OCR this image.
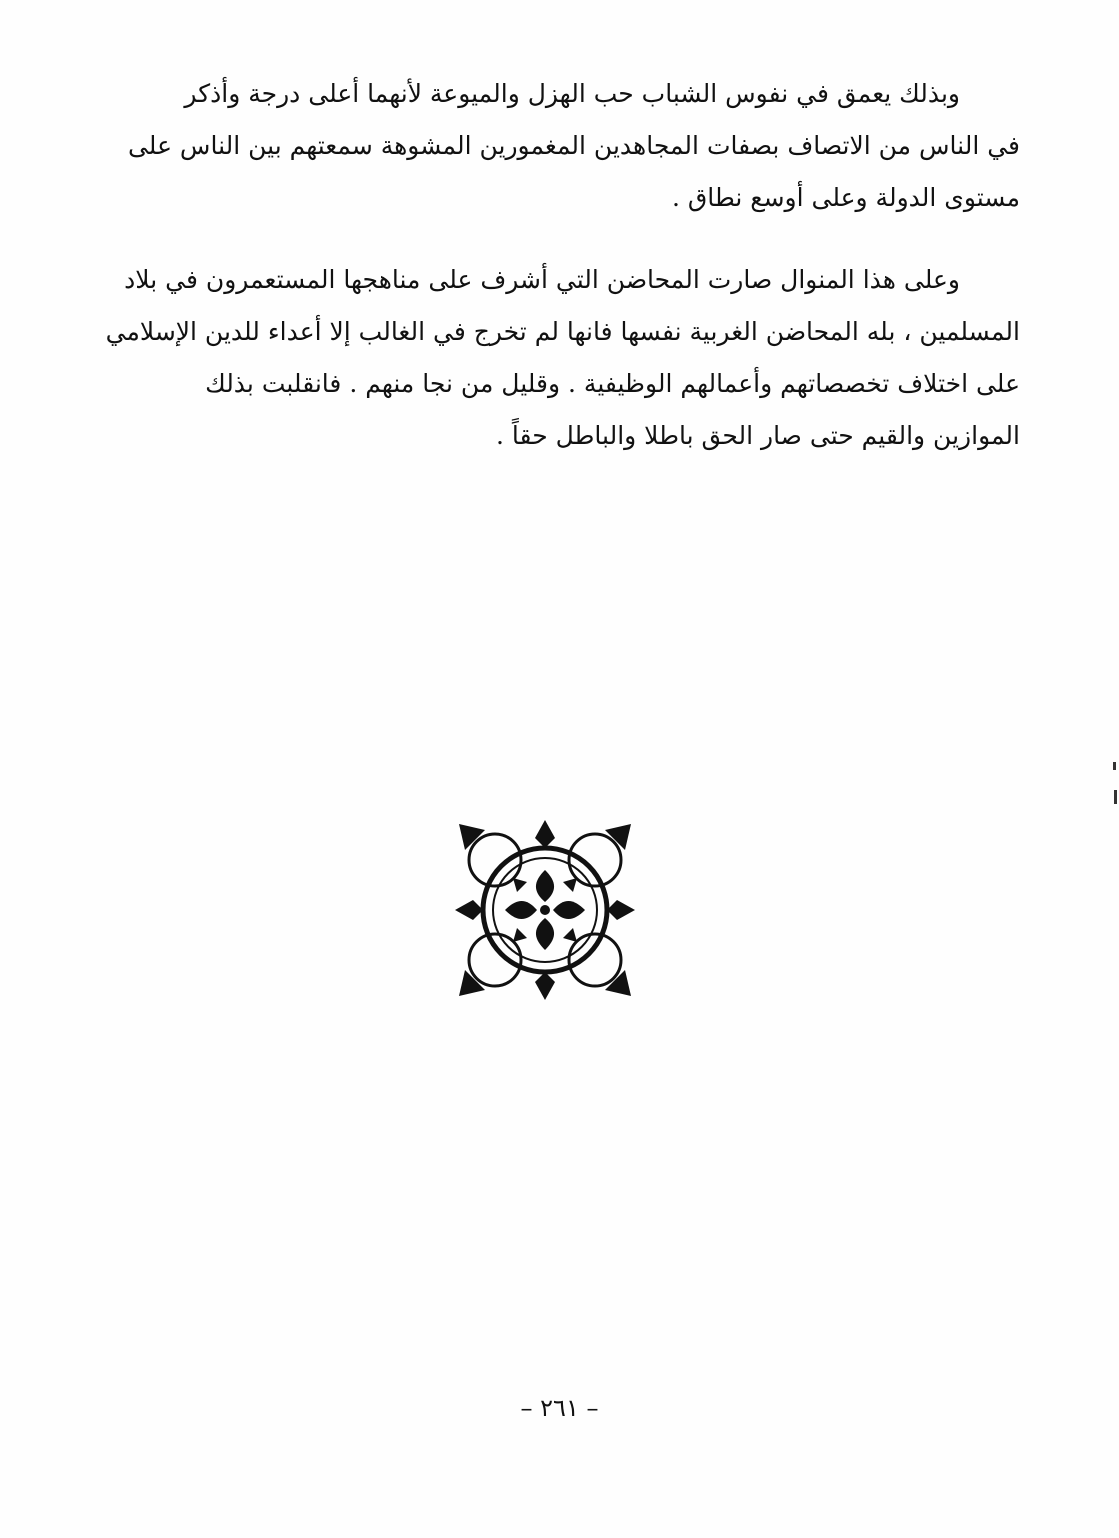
وبذلك يعمق في نفوس الشباب حب الهزل والميوعة لأنهما أعلى درجة وأذكر
في الناس من الاتصاف بصفات المجاهدين المغمورين المشوهة سمعتهم بين الناس على
مستوى الدولة وعلى أوسع نطاق .
وعلى هذا المنوال صارت المحاضن التي أشرف على مناهجها المستعمرون في بلاد
المسلمين ، بله المحاضن الغربية نفسها فانها لم تخرج في الغالب إلا أعداء للدين الإسلامي
على اختلاف تخصصاتهم وأعمالهم الوظيفية . وقليل من نجا منهم . فانقلبت بذلك
الموازين والقيم حتى صار الحق باطلا والباطل حقاً .
– ٢٦١ –
